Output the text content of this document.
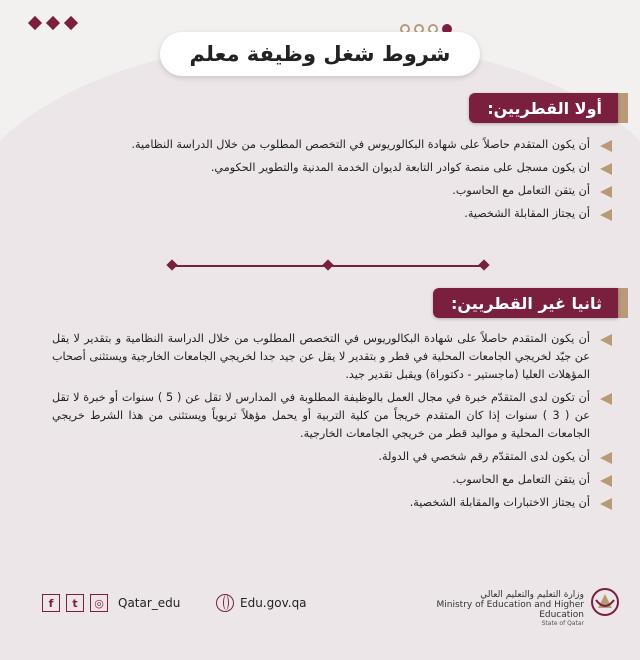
شروط شغل وظيفة معلم
أولا القطريين:
أن يكون المتقدم حاصلاً على شهادة البكالوريوس في التخصص المطلوب من خلال الدراسة النظامية.
ان يكون مسجل على منصة كوادر التابعة لديوان الخدمة المدنية والتطوير الحكومي.
أن يتقن التعامل مع الحاسوب.
أن يجتاز المقابلة الشخصية.
ثانيا غير القطريين:
أن يكون المتقدم حاصلاً على شهادة البكالوريوس في التخصص المطلوب من خلال الدراسة النظامية و بتقدير لا يقل عن جيّد لخريجي الجامعات المحلية في قطر و بتقدير لا يقل عن جيد جدا لخريجي الجامعات الخارجية ويستثنى أصحاب المؤهلات العليا (ماجستير - دكتوراة) ويقبل تقدير جيد.
أن تكون لدى المتقدّم خبرة في مجال العمل بالوظيفة المطلوبة في المدارس لا تقل عن ( 5 ) سنوات أو خبرة لا تقل عن ( 3 ) سنوات إذا كان المتقدم خريجاً من كلية التربية أو يحمل مؤهلاً تربوياً ويستثنى من هذا الشرط خريجي الجامعات المحلية و مواليد قطر من خريجي الجامعات الخارجية.
أن يكون لدى المتقدّم رقم شخصي في الدولة.
أن يتقن التعامل مع الحاسوب.
أن يجتاز الاختبارات والمقابلة الشخصية.
f	t	◎	Qatar_edu	Edu.gov.qa
وزارة التعليم والتعليم العالي
Ministry of Education and Higher Education
State of Qatar
